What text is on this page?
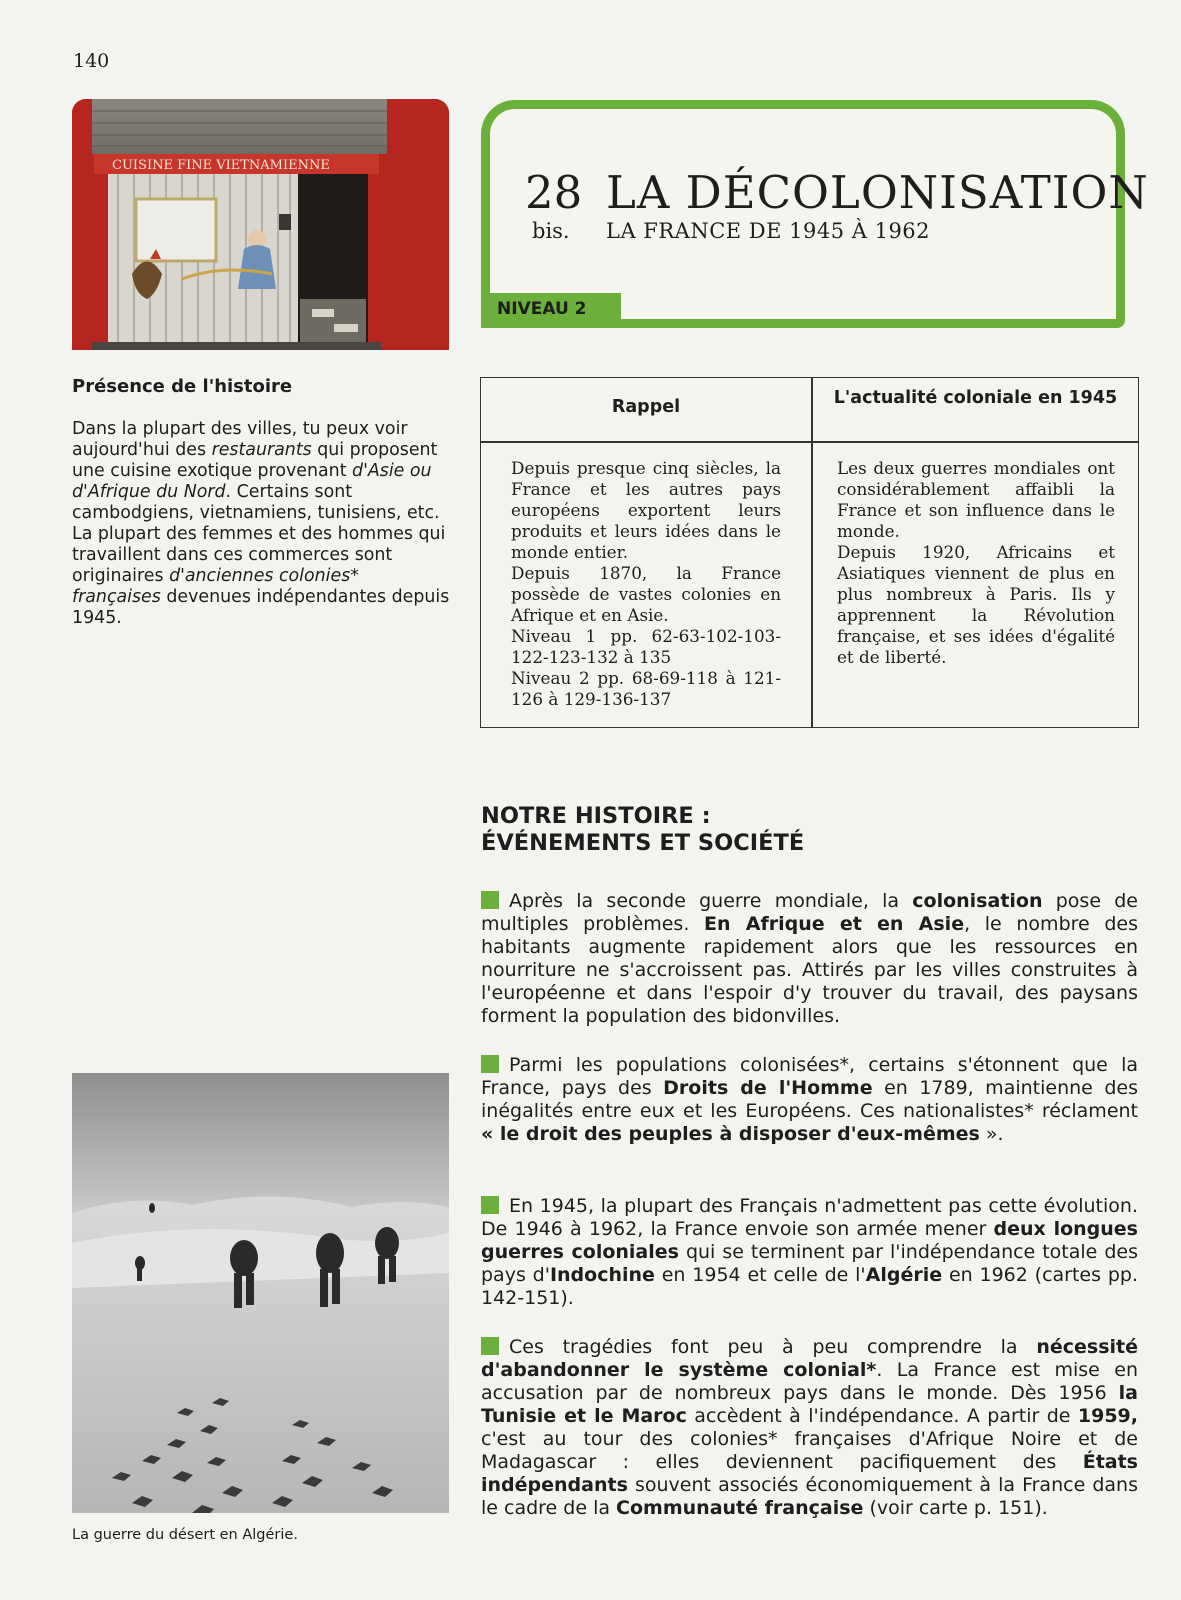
140
CUISINE FINE VIETNAMIENNE
28 LA DÉCOLONISATION
bis. LA FRANCE DE 1945 À 1962
NIVEAU 2
Présence de l'histoire
Dans la plupart des villes, tu peux voir aujourd'hui des restaurants qui proposent une cuisine exotique provenant d'Asie ou d'Afrique du Nord. Certains sont cambodgiens, vietnamiens, tunisiens, etc.
La plupart des femmes et des hommes qui travaillent dans ces commerces sont originaires d'anciennes colonies* françaises devenues indépendantes depuis 1945.
Rappel	L'actualité coloniale en 1945
Depuis presque cinq siècles, la France et les autres pays européens exportent leurs produits et leurs idées dans le monde entier.
Depuis 1870, la France possède de vastes colonies en Afrique et en Asie.
Niveau 1 pp. 62-63-102-103-122-123-132 à 135
Niveau 2 pp. 68-69-118 à 121-126 à 129-136-137
Les deux guerres mondiales ont considérablement affaibli la France et son influence dans le monde.
Depuis 1920, Africains et Asiatiques viennent de plus en plus nombreux à Paris. Ils y apprennent la Révolution française, et ses idées d'égalité et de liberté.
NOTRE HISTOIRE :
ÉVÉNEMENTS ET SOCIÉTÉ
Après la seconde guerre mondiale, la colonisation pose de multiples problèmes. En Afrique et en Asie, le nombre des habitants augmente rapidement alors que les ressources en nourriture ne s'accroissent pas. Attirés par les villes construites à l'européenne et dans l'espoir d'y trouver du travail, des paysans forment la population des bidonvilles.
Parmi les populations colonisées*, certains s'étonnent que la France, pays des Droits de l'Homme en 1789, maintienne des inégalités entre eux et les Européens. Ces nationalistes* réclament « le droit des peuples à disposer d'eux-mêmes ».
En 1945, la plupart des Français n'admettent pas cette évolution. De 1946 à 1962, la France envoie son armée mener deux longues guerres coloniales qui se terminent par l'indépendance totale des pays d'Indochine en 1954 et celle de l'Algérie en 1962 (cartes pp. 142-151).
Ces tragédies font peu à peu comprendre la nécessité d'abandonner le système colonial*. La France est mise en accusation par de nombreux pays dans le monde. Dès 1956 la Tunisie et le Maroc accèdent à l'indépendance. A partir de 1959, c'est au tour des colonies* françaises d'Afrique Noire et de Madagascar : elles deviennent pacifiquement des États indépendants souvent associés économiquement à la France dans le cadre de la Communauté française (voir carte p. 151).
La guerre du désert en Algérie.
